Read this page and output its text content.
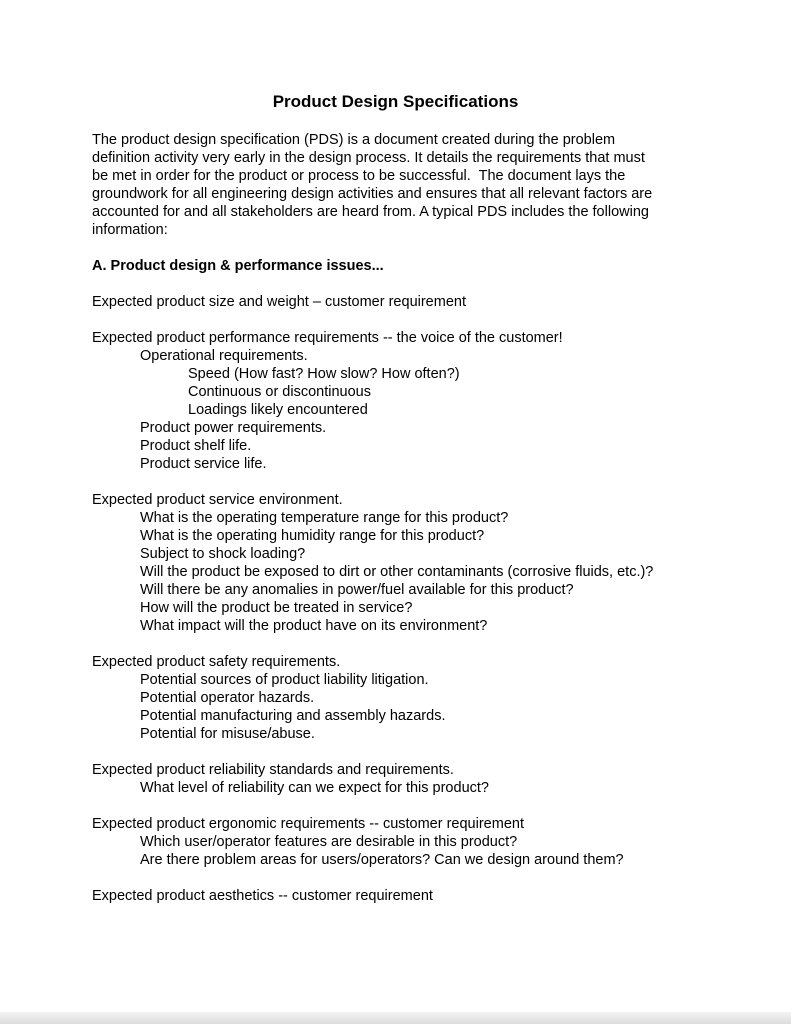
Product Design Specifications
The product design specification (PDS) is a document created during the problem
definition activity very early in the design process. It details the requirements that must
be met in order for the product or process to be successful.  The document lays the
groundwork for all engineering design activities and ensures that all relevant factors are
accounted for and all stakeholders are heard from. A typical PDS includes the following
information:
A. Product design & performance issues...
Expected product size and weight – customer requirement
Expected product performance requirements -- the voice of the customer!
Operational requirements.
Speed (How fast? How slow? How often?)
Continuous or discontinuous
Loadings likely encountered
Product power requirements.
Product shelf life.
Product service life.
Expected product service environment.
What is the operating temperature range for this product?
What is the operating humidity range for this product?
Subject to shock loading?
Will the product be exposed to dirt or other contaminants (corrosive fluids, etc.)?
Will there be any anomalies in power/fuel available for this product?
How will the product be treated in service?
What impact will the product have on its environment?
Expected product safety requirements.
Potential sources of product liability litigation.
Potential operator hazards.
Potential manufacturing and assembly hazards.
Potential for misuse/abuse.
Expected product reliability standards and requirements.
What level of reliability can we expect for this product?
Expected product ergonomic requirements -- customer requirement
Which user/operator features are desirable in this product?
Are there problem areas for users/operators? Can we design around them?
Expected product aesthetics -- customer requirement
